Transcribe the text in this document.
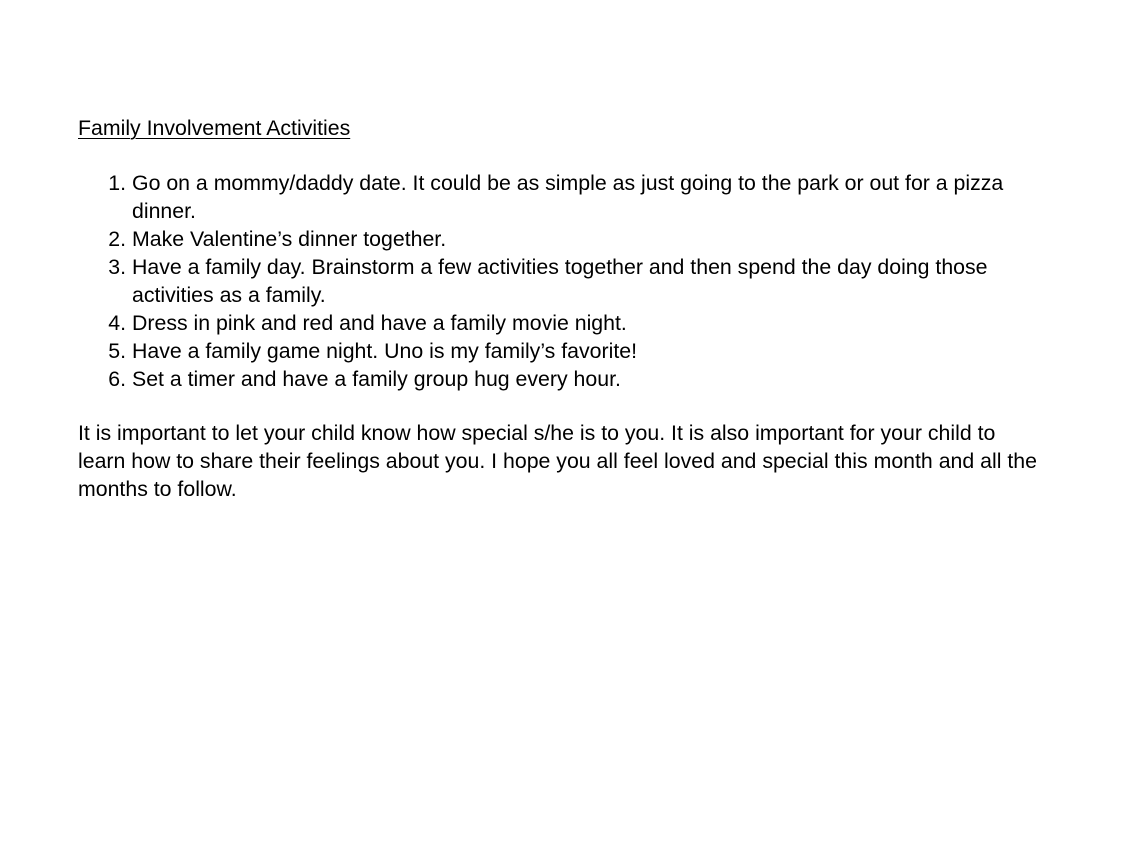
Family Involvement Activities
1. Go on a mommy/daddy date. It could be as simple as just going to the park or out for a pizza dinner.
2. Make Valentine’s dinner together.
3. Have a family day. Brainstorm a few activities together and then spend the day doing those activities as a family.
4. Dress in pink and red and have a family movie night.
5. Have a family game night. Uno is my family’s favorite!
6. Set a timer and have a family group hug every hour.

It is important to let your child know how special s/he is to you. It is also important for your child to learn how to share their feelings about you. I hope you all feel loved and special this month and all the months to follow.
